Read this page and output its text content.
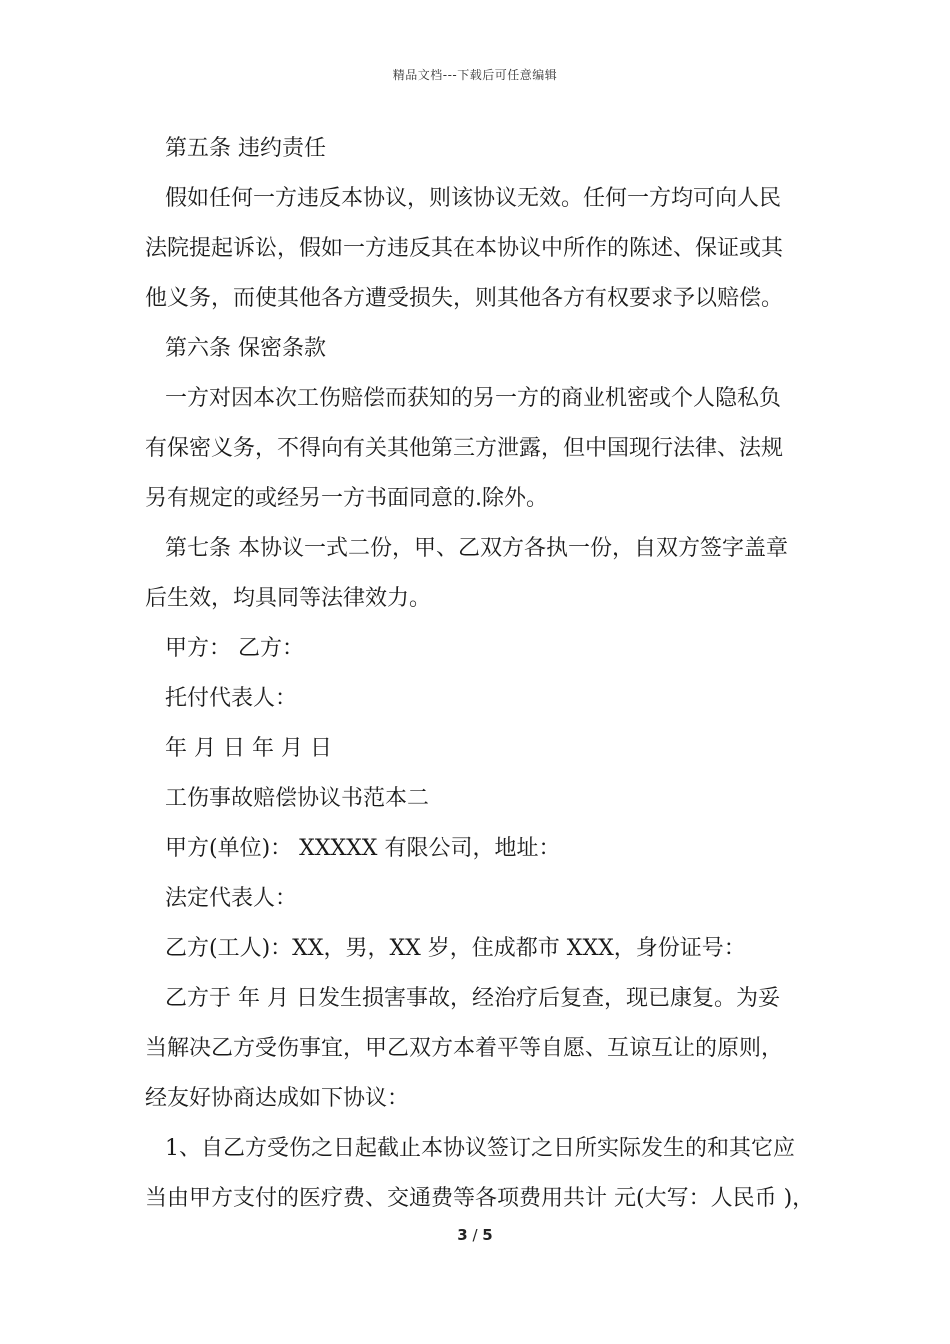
精品文档---下载后可任意编辑
第五条 违约责任
假如任何一方违反本协议，则该协议无效。任何一方均可向人民
法院提起诉讼，假如一方违反其在本协议中所作的陈述、保证或其
他义务，而使其他各方遭受损失，则其他各方有权要求予以赔偿。
第六条 保密条款
一方对因本次工伤赔偿而获知的另一方的商业机密或个人隐私负
有保密义务，不得向有关其他第三方泄露，但中国现行法律、法规
另有规定的或经另一方书面同意的.除外。
第七条 本协议一式二份，甲、乙双方各执一份，自双方签字盖章
后生效，均具同等法律效力。
甲方： 乙方：
托付代表人：
年 月 日 年 月 日
工伤事故赔偿协议书范本二
甲方(单位)： XXXXX 有限公司，地址：
法定代表人：
乙方(工人)：XX，男，XX 岁，住成都市 XXX，身份证号：
乙方于 年 月 日发生损害事故，经治疗后复查，现已康复。为妥
当解决乙方受伤事宜，甲乙双方本着平等自愿、互谅互让的原则，
经友好协商达成如下协议：
1、自乙方受伤之日起截止本协议签订之日所实际发生的和其它应
当由甲方支付的医疗费、交通费等各项费用共计 元(大写：人民币 )，
3 / 5
